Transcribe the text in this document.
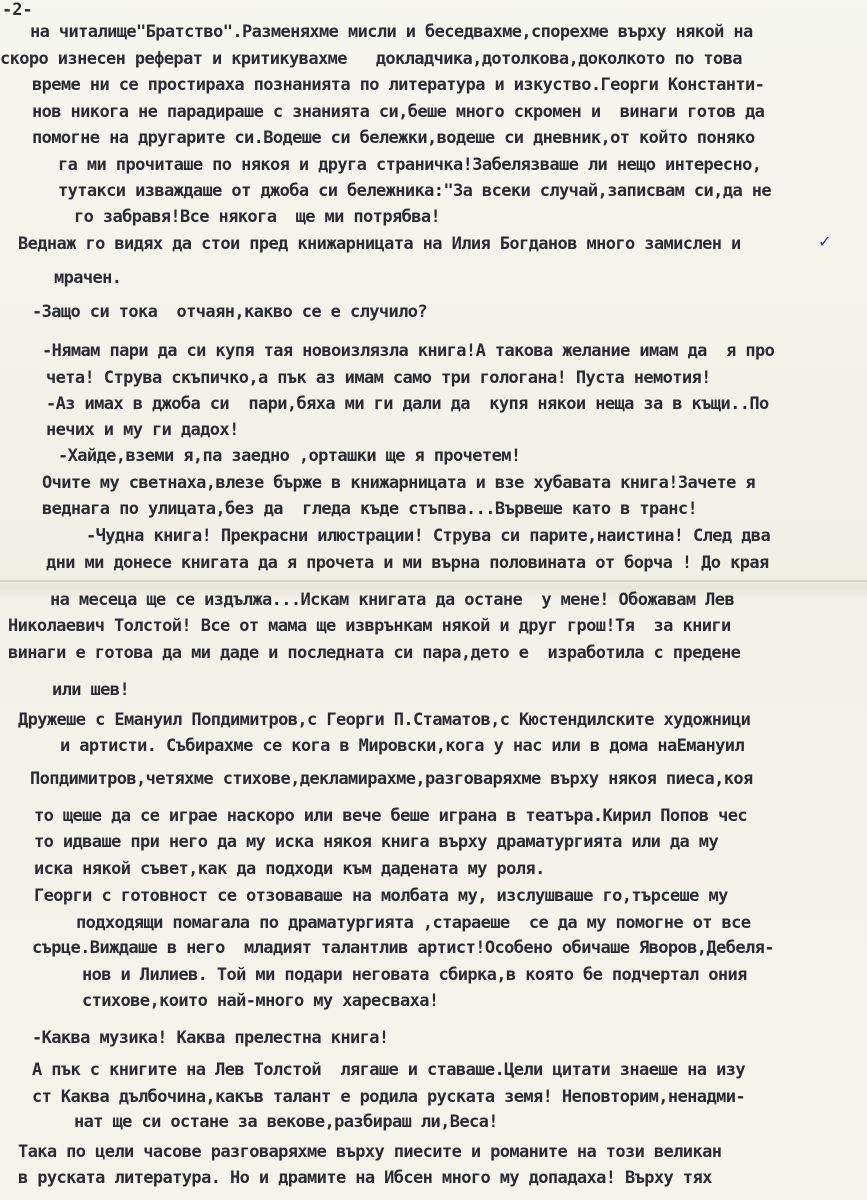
-2-
на читалище"Братство".Разменяхме мисли и беседвахме,спорехме върху някой на
скоро изнесен реферат и критикувахме   докладчика,дотолкова,доколкото по това
време ни се простираха познанията по литература и изкуство.Георги Константи-
нов никога не парадираше с знанията си,беше много скромен и  винаги готов да
помогне на другарите си.Водеше си бележки,водеше си дневник,от който поняко
га ми прочиташе по някоя и друга страничка!Забелязваше ли нещо интересно,
тутакси изваждаше от джоба си бележника:"За всеки случай,записвам си,да не
го забравя!Все някога  ще ми потрябва!
Веднаж го видях да стои пред книжарницата на Илия Богданов много замислен и
мрачен.
-Защо си тока  отчаян,какво се е случило?
-Нямам пари да си купя тая новоизлязла книга!А такова желание имам да  я про
чета! Струва скъпичко,а пък аз имам само три гологана! Пуста немотия!
-Аз имах в джоба си  пари,бяха ми ги дали да  купя някои неща за в къщи..По
нечих и му ги дадох!
-Хайде,вземи я,па заедно ,орташки ще я прочетем!
Очите му светнаха,влезе бърже в книжарницата и взе хубавата книга!Зачете я
веднага по улицата,без да  гледа къде стъпва...Вървеше като в транс!
-Чудна книга! Прекрасни илюстрации! Струва си парите,наистина! След два
дни ми донесе книгата да я прочета и ми върна половината от борча ! До края
на месеца ще се издължа...Искам книгата да остане  у мене! Обожавам Лев
Николаевич Толстой! Все от мама ще изврънкам някой и друг грош!Тя  за книги
винаги е готова да ми даде и последната си пара,дето е  изработила с предене
или шев!
Дружеше с Емануил Попдимитров,с Георги П.Стаматов,с Кюстендилските художници
и артисти. Събирахме се кога в Мировски,кога у нас или в дома наЕмануил
Попдимитров,четяхме стихове,декламирахме,разговаряхме върху някоя пиеса,коя
то щеше да се играе наскоро или вече беше играна в театъра.Кирил Попов чес
то идваше при него да му иска някоя книга върху драматургията или да му
иска някой съвет,как да подходи към дадената му роля.
Георги с готовност се отзоваваше на молбата му, изслушваше го,търсеше му
подходящи помагала по драматургията ,стараеше  се да му помогне от все
сърце.Виждаше в него  младият талантлив артист!Особено обичаше Яворов,Дебеля-
нов и Лилиев. Той ми подари неговата сбирка,в която бе подчертал ония
стихове,които най-много му харесваха!
-Каква музика! Каква прелестна книга!
А пък с книгите на Лев Толстой  лягаше и ставаше.Цели цитати знаеше на изу
ст Каква дълбочина,какъв талант е родила руската земя! Неповторим,ненадми-
нат ще си остане за векове,разбираш ли,Веса!
Така по цели часове разговаряхме върху пиесите и романите на този великан
в руската литература. Но и драмите на Ибсен много му допадаха! Върху тях
✓
